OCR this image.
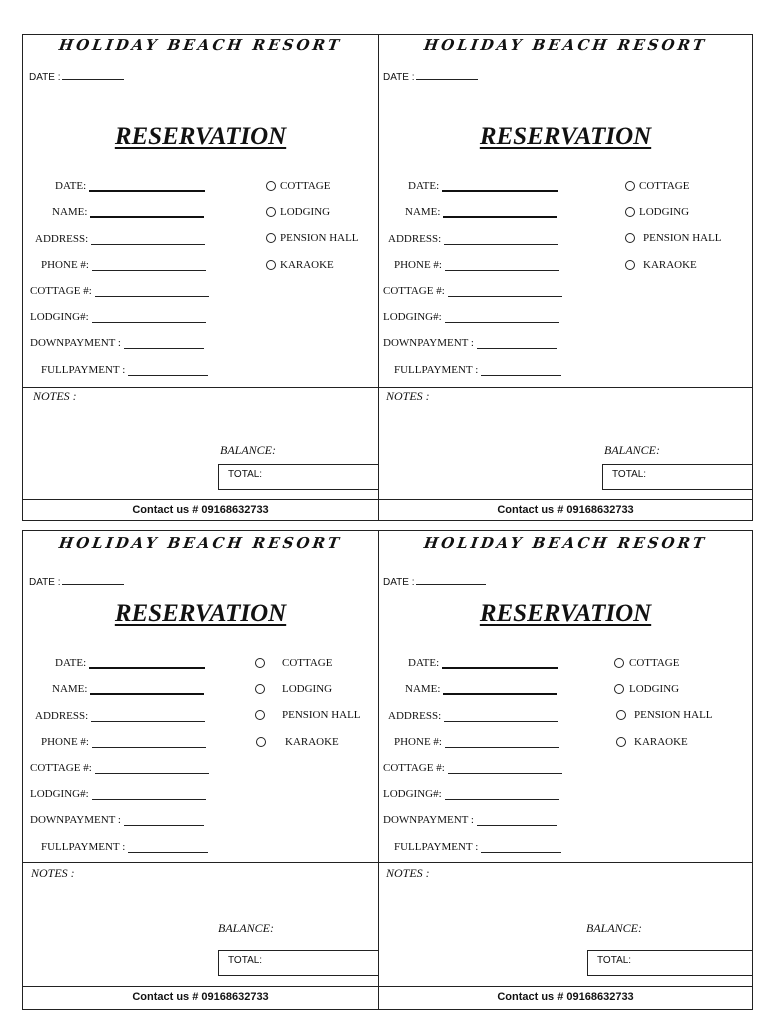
HOLIDAY BEACH RESORT
DATE :
RESERVATION
DATE:
NAME:
ADDRESS:
PHONE #:
COTTAGE #:
LODGING#:
DOWNPAYMENT :
FULLPAYMENT :
COTTAGE
LODGING
PENSION HALL
KARAOKE
NOTES :
BALANCE:
TOTAL:
Contact us # 09168632733
HOLIDAY BEACH RESORT
DATE :
RESERVATION
DATE:
NAME:
ADDRESS:
PHONE #:
COTTAGE #:
LODGING#:
DOWNPAYMENT :
FULLPAYMENT :
COTTAGE
LODGING
PENSION HALL
KARAOKE
NOTES :
BALANCE:
TOTAL:
Contact us # 09168632733
HOLIDAY BEACH RESORT
DATE :
RESERVATION
DATE:
NAME:
ADDRESS:
PHONE #:
COTTAGE #:
LODGING#:
DOWNPAYMENT :
FULLPAYMENT :
COTTAGE
LODGING
PENSION HALL
KARAOKE
NOTES :
BALANCE:
TOTAL:
Contact us # 09168632733
HOLIDAY BEACH RESORT
DATE :
RESERVATION
DATE:
NAME:
ADDRESS:
PHONE #:
COTTAGE #:
LODGING#:
DOWNPAYMENT :
FULLPAYMENT :
COTTAGE
LODGING
PENSION HALL
KARAOKE
NOTES :
BALANCE:
TOTAL:
Contact us # 09168632733
